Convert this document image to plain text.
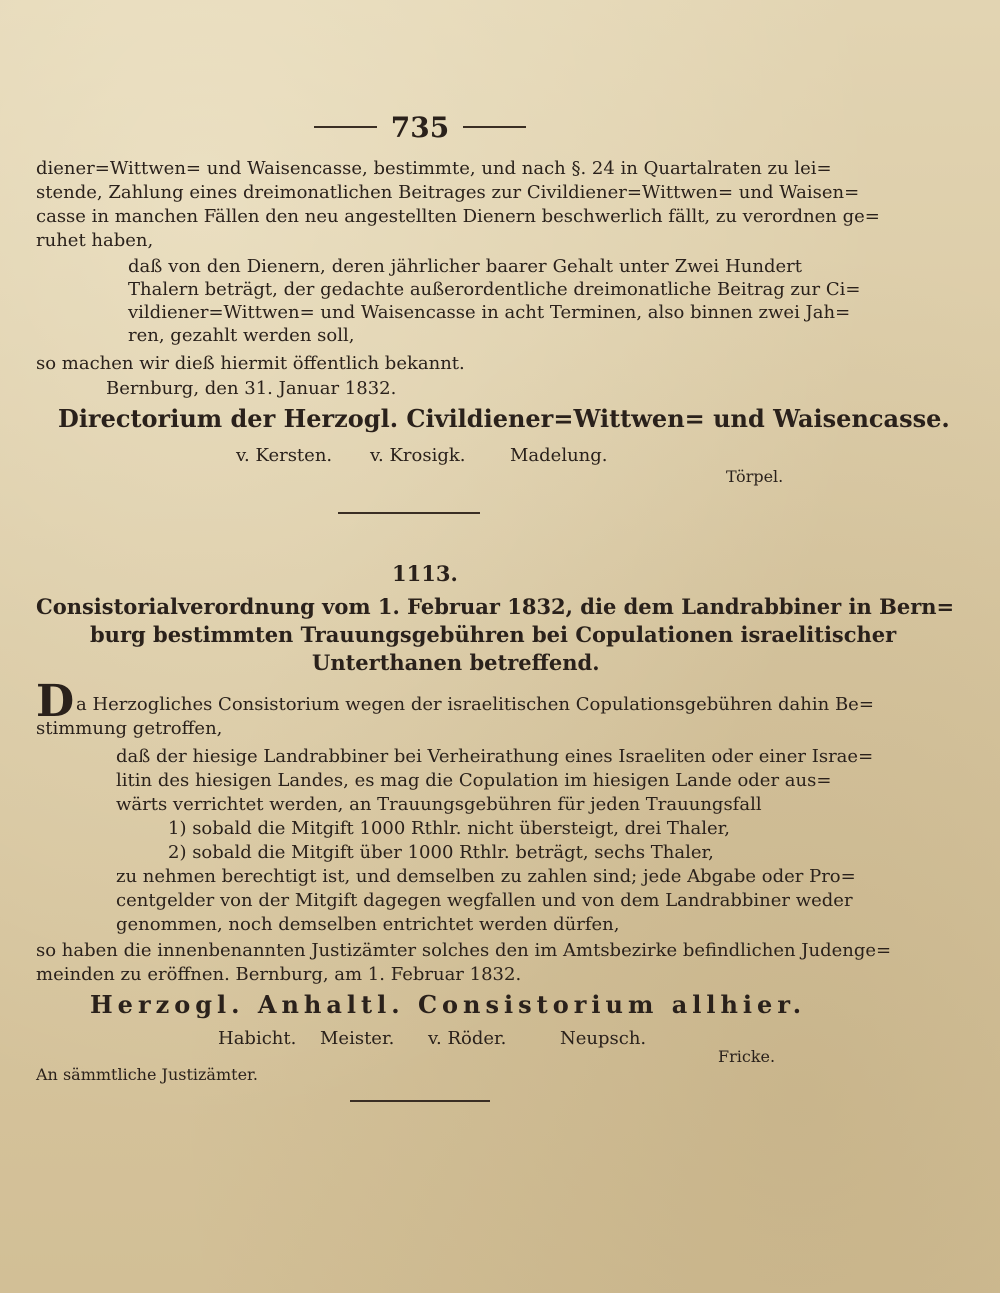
735
diener=Wittwen= und Waisencasse, bestimmte, und nach §. 24 in Quartalraten zu lei=
stende, Zahlung eines dreimonatlichen Beitrages zur Civildiener=Wittwen= und Waisen=
casse in manchen Fällen den neu angestellten Dienern beschwerlich fällt, zu verordnen ge=
ruhet haben,
daß von den Dienern, deren jährlicher baarer Gehalt unter Zwei Hundert
Thalern beträgt, der gedachte außerordentliche dreimonatliche Beitrag zur Ci=
vildiener=Wittwen= und Waisencasse in acht Terminen, also binnen zwei Jah=
ren, gezahlt werden soll,
so machen wir dieß hiermit öffentlich bekannt.
Bernburg, den 31. Januar 1832.
Directorium der Herzogl. Civildiener=Wittwen= und Waisencasse.
v. Kersten. v. Krosigk. Madelung.
Törpel.
1113.
Consistorialverordnung vom 1. Februar 1832, die dem Landrabbiner in Bern=
burg bestimmten Trauungsgebühren bei Copulationen israelitischer
Unterthanen betreffend.
D a Herzogliches Consistorium wegen der israelitischen Copulationsgebühren dahin Be=
stimmung getroffen,
daß der hiesige Landrabbiner bei Verheirathung eines Israeliten oder einer Israe=
litin des hiesigen Landes, es mag die Copulation im hiesigen Lande oder aus=
wärts verrichtet werden, an Trauungsgebühren für jeden Trauungsfall
1) sobald die Mitgift 1000 Rthlr. nicht übersteigt, drei Thaler,
2) sobald die Mitgift über 1000 Rthlr. beträgt, sechs Thaler,
zu nehmen berechtigt ist, und demselben zu zahlen sind; jede Abgabe oder Pro=
centgelder von der Mitgift dagegen wegfallen und von dem Landrabbiner weder
genommen, noch demselben entrichtet werden dürfen,
so haben die innenbenannten Justizämter solches den im Amtsbezirke befindlichen Judenge=
meinden zu eröffnen. Bernburg, am 1. Februar 1832.
Herzogl. Anhaltl. Consistorium allhier.
Habicht. Meister. v. Röder.	Neupsch.
Fricke.
An sämmtliche Justizämter.
